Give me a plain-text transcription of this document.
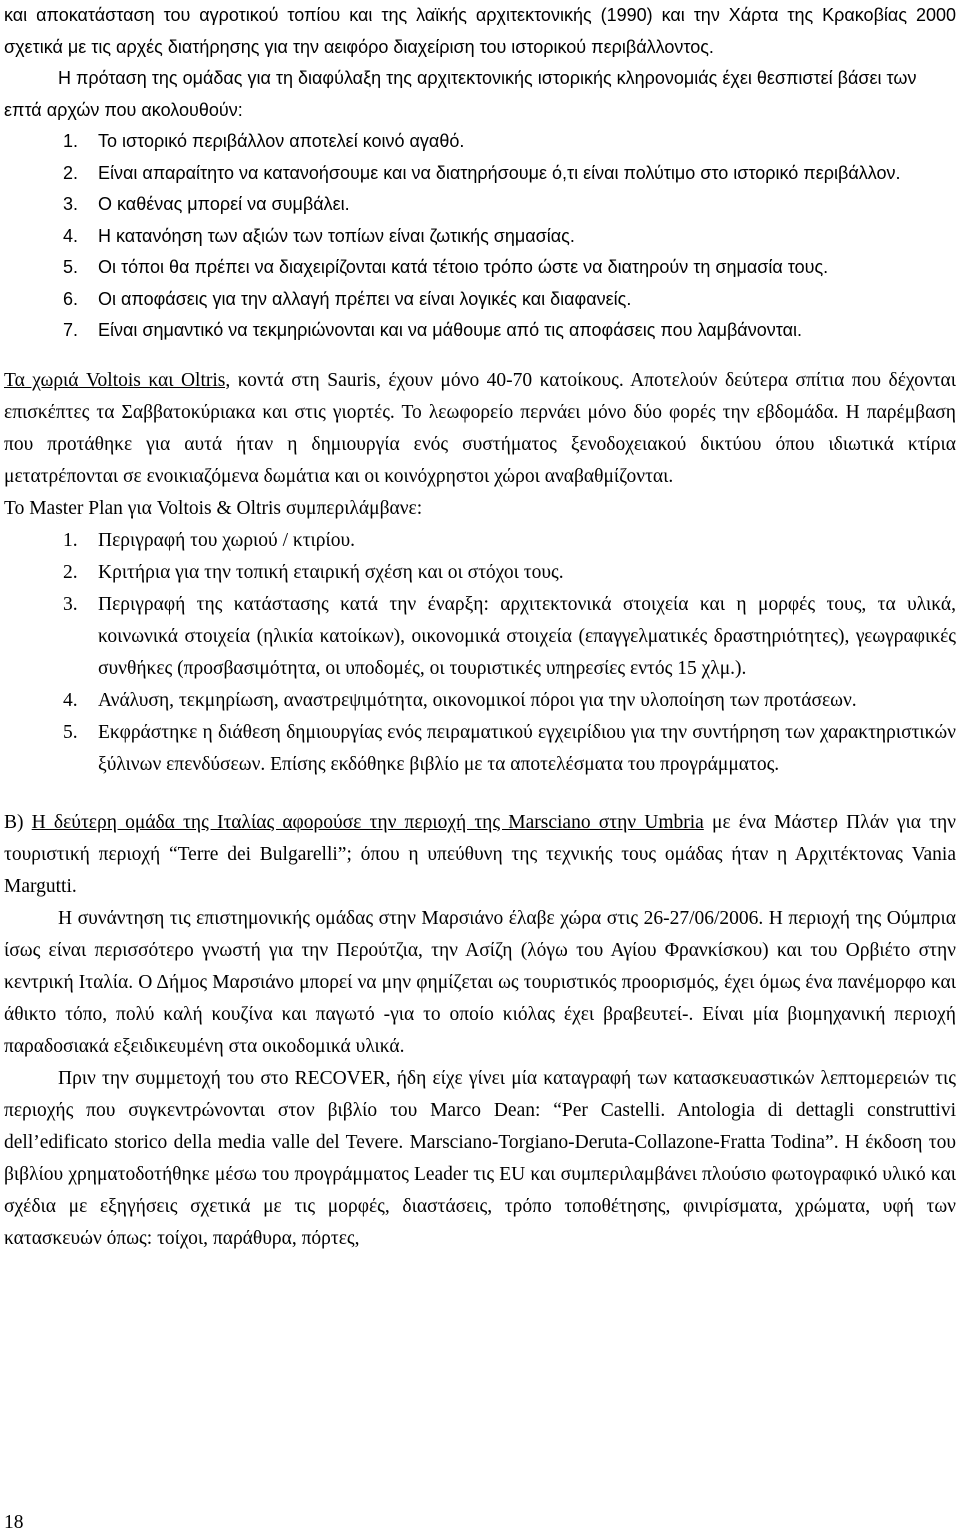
και αποκατάσταση του αγροτικού τοπίου και της λαϊκής αρχιτεκτονικής (1990) και την Χάρτα της Κρακοβίας 2000 σχετικά με τις αρχές διατήρησης για την αειφόρο διαχείριση του ιστορικού περιβάλλοντος.

Η πρόταση της ομάδας για τη διαφύλαξη της αρχιτεκτονικής ιστορικής κληρονομιάς έχει θεσπιστεί βάσει των επτά αρχών που ακολουθούν:

1. Το ιστορικό περιβάλλον αποτελεί κοινό αγαθό.
2. Είναι απαραίτητο να κατανοήσουμε και να διατηρήσουμε ό,τι είναι πολύτιμο στο ιστορικό περιβάλλον.
3. Ο καθένας μπορεί να συμβάλει.
4. Η κατανόηση των αξιών των τοπίων είναι ζωτικής σημασίας.
5. Οι τόποι θα πρέπει να διαχειρίζονται κατά τέτοιο τρόπο ώστε να διατηρούν τη σημασία τους.
6. Οι αποφάσεις για την αλλαγή πρέπει να είναι λογικές και διαφανείς.
7. Είναι σημαντικό να τεκμηριώνονται και να μάθουμε από τις αποφάσεις που λαμβάνονται.

Τα χωριά Voltois και Oltris, κοντά στη Sauris, έχουν μόνο 40-70 κατοίκους. Αποτελούν δεύτερα σπίτια που δέχονται επισκέπτες τα Σαββατοκύριακα και στις γιορτές. Το λεωφορείο περνάει μόνο δύο φορές την εβδομάδα. Η παρέμβαση που προτάθηκε για αυτά ήταν η δημιουργία ενός συστήματος ξενοδοχειακού δικτύου όπου ιδιωτικά κτίρια μετατρέπονται σε ενοικιαζόμενα δωμάτια και οι κοινόχρηστοι χώροι αναβαθμίζονται.

Το Master Plan για Voltois & Oltris συμπεριλάμβανε:

1. Περιγραφή του χωριού / κτιρίου.
2. Κριτήρια για την τοπική εταιρική σχέση και οι στόχοι τους.
3. Περιγραφή της κατάστασης κατά την έναρξη: αρχιτεκτονικά στοιχεία και η μορφές τους, τα υλικά, κοινωνικά στοιχεία (ηλικία κατοίκων), οικονομικά στοιχεία (επαγγελματικές δραστηριότητες), γεωγραφικές συνθήκες (προσβασιμότητα, οι υποδομές, οι τουριστικές υπηρεσίες εντός 15 χλμ.).
4. Ανάλυση, τεκμηρίωση, αναστρεψιμότητα, οικονομικοί πόροι για την υλοποίηση των προτάσεων.
5. Εκφράστηκε η διάθεση δημιουργίας ενός πειραματικού εγχειρίδιου για την συντήρηση των χαρακτηριστικών ξύλινων επενδύσεων. Επίσης εκδόθηκε βιβλίο με τα αποτελέσματα του προγράμματος.

Β) Η δεύτερη ομάδα της Ιταλίας αφορούσε την περιοχή της Marsciano στην Umbria με ένα Μάστερ Πλάν για την τουριστική περιοχή “Terre dei Bulgarelli”; όπου η υπεύθυνη της τεχνικής τους ομάδας ήταν η Αρχιτέκτονας Vania Margutti.

Η συνάντηση τις επιστημονικής ομάδας στην Μαρσιάνο έλαβε χώρα στις 26-27/06/2006. Η περιοχή της Ούμπρια ίσως είναι περισσότερο γνωστή για την Περούτζια, την Ασίζη (λόγω του Αγίου Φρανκίσκου) και του Ορβιέτο στην κεντρική Ιταλία. Ο Δήμος Μαρσιάνο μπορεί να μην φημίζεται ως τουριστικός προορισμός, έχει όμως ένα πανέμορφο και άθικτο τόπο, πολύ καλή κουζίνα και παγωτό -για το οποίο κιόλας έχει βραβευτεί-. Είναι μία βιομηχανική περιοχή παραδοσιακά εξειδικευμένη στα οικοδομικά υλικά.

Πριν την συμμετοχή του στο RECOVER, ήδη είχε γίνει μία καταγραφή των κατασκευαστικών λεπτομερειών τις περιοχής που συγκεντρώνονται στον βιβλίο του Marco Dean: “Per Castelli. Antologia di dettagli construttivi dell’edificato storico della media valle del Tevere. Marsciano-Torgiano-Deruta-Collazone-Fratta Todina”. Η έκδοση του βιβλίου χρηματοδοτήθηκε μέσω του προγράμματος Leader τις EU και συμπεριλαμβάνει πλούσιο φωτογραφικό υλικό και σχέδια με εξηγήσεις σχετικά με τις μορφές, διαστάσεις, τρόπο τοποθέτησης, φινιρίσματα, χρώματα, υφή των κατασκευών όπως: τοίχοι, παράθυρα, πόρτες,

18
